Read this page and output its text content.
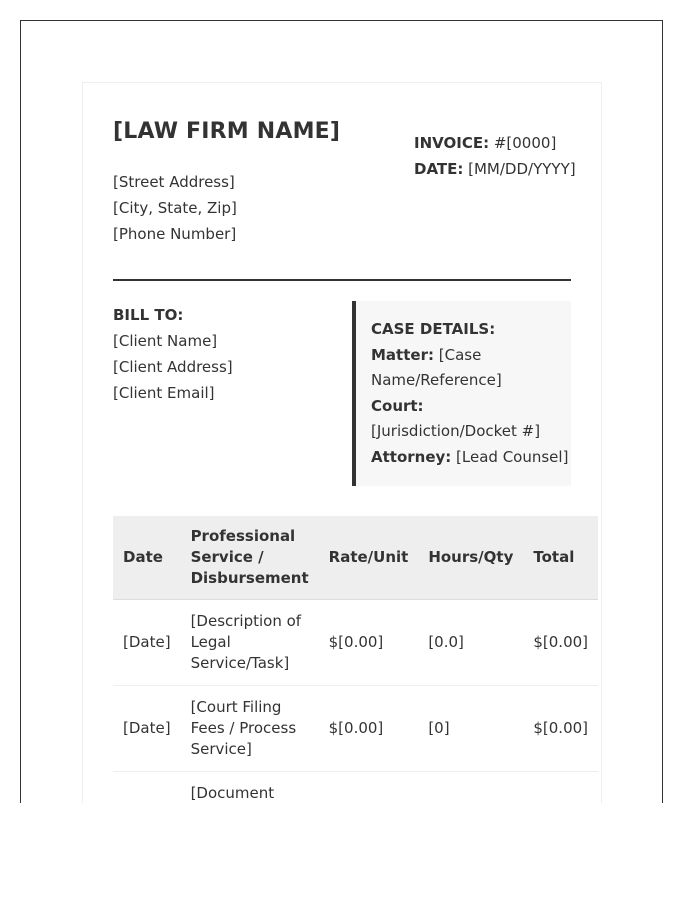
[LAW FIRM NAME]
[Street Address]
[City, State, Zip]
[Phone Number]
INVOICE: #[0000]
DATE: [MM/DD/YYYY]
BILL TO:
[Client Name]
[Client Address]
[Client Email]
CASE DETAILS:
Matter: [Case Name/Reference]
Court: [Jurisdiction/Docket #]
Attorney: [Lead Counsel]
Date	Professional Service / Disbursement	Rate/Unit	Hours/Qty	Total
[Date]	[Description of Legal Service/Task]	$[0.00]	[0.0]	$[0.00]
[Date]	[Court Filing Fees / Process Service]	$[0.00]	[0]	$[0.00]
	[Document			
